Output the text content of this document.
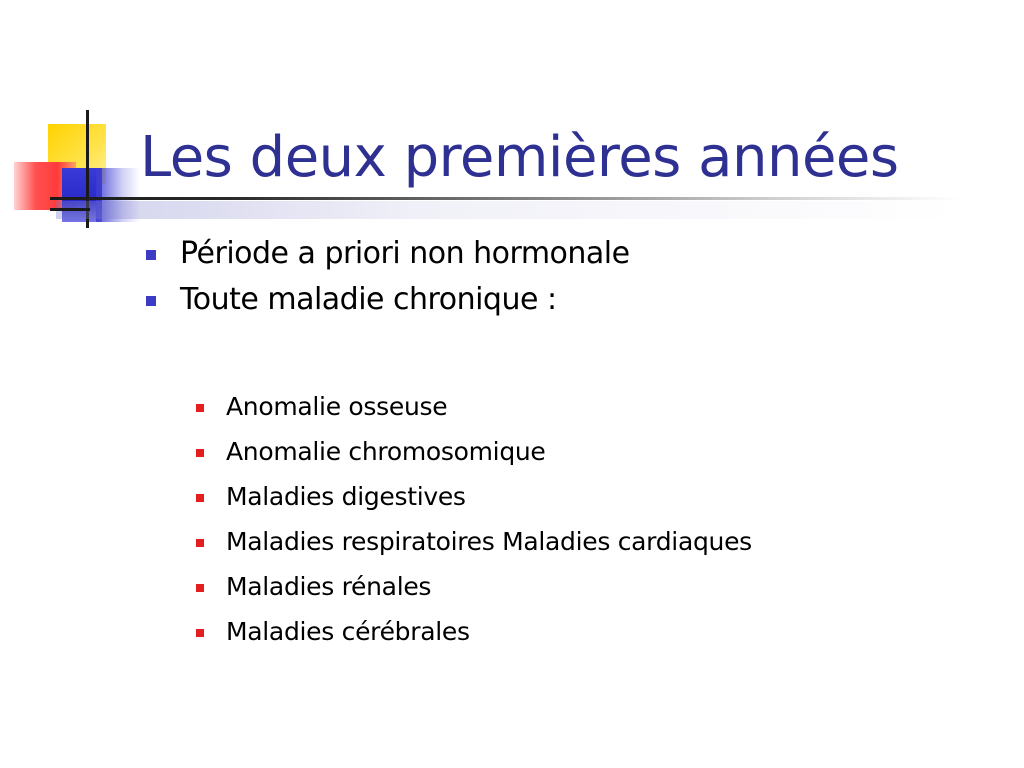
Les deux premières années
Période a priori non hormonale
Toute maladie chronique :
Anomalie osseuse
Anomalie chromosomique
Maladies digestives
Maladies respiratoires Maladies cardiaques
Maladies rénales
Maladies cérébrales
